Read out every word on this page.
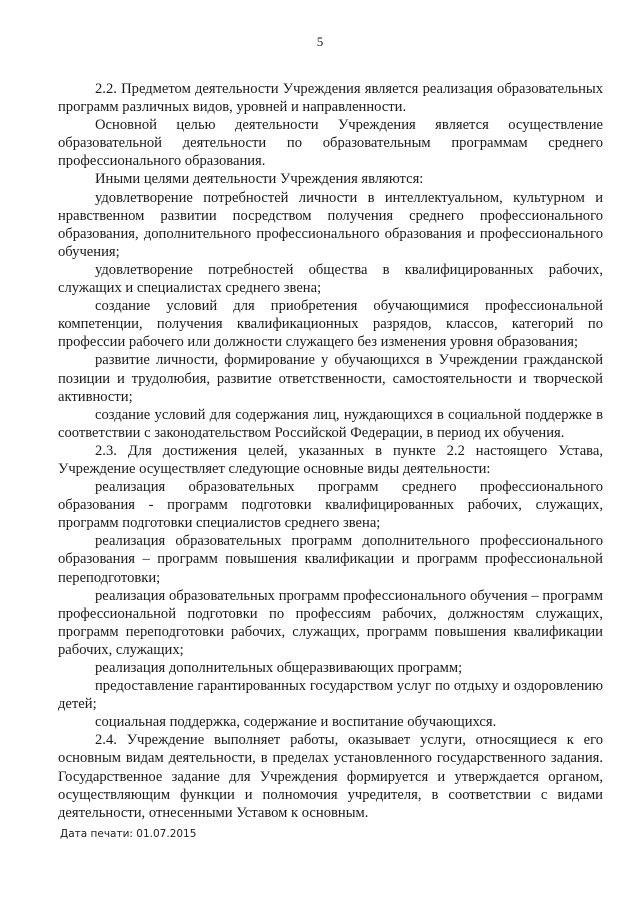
5

2.2. Предметом деятельности Учреждения является реализация образовательных программ различных видов, уровней и направленности.

Основной целью деятельности Учреждения является осуществление образовательной деятельности по образовательным программам среднего профессионального образования.

Иными целями деятельности Учреждения являются:

удовлетворение потребностей личности в интеллектуальном, культурном и нравственном развитии посредством получения среднего профессионального образования, дополнительного профессионального образования и профессионального обучения;

удовлетворение потребностей общества в квалифицированных рабочих, служащих и специалистах среднего звена;

создание условий для приобретения обучающимися профессиональной компетенции, получения квалификационных разрядов, классов, категорий по профессии рабочего или должности служащего без изменения уровня образования;

развитие личности, формирование у обучающихся в Учреждении гражданской позиции и трудолюбия, развитие ответственности, самостоятельности и творческой активности;

создание условий для содержания лиц, нуждающихся в социальной поддержке в соответствии с законодательством Российской Федерации, в период их обучения.

2.3. Для достижения целей, указанных в пункте 2.2 настоящего Устава, Учреждение осуществляет следующие основные виды деятельности:

реализация образовательных программ среднего профессионального образования - программ подготовки квалифицированных рабочих, служащих, программ подготовки специалистов среднего звена;

реализация образовательных программ дополнительного профессионального образования – программ повышения квалификации и программ профессиональной переподготовки;

реализация образовательных программ профессионального обучения – программ профессиональной подготовки по профессиям рабочих, должностям служащих, программ переподготовки рабочих, служащих, программ повышения квалификации рабочих, служащих;

реализация дополнительных общеразвивающих программ;

предоставление гарантированных государством услуг по отдыху и оздоровлению детей;

социальная поддержка, содержание и воспитание обучающихся.

2.4. Учреждение выполняет работы, оказывает услуги, относящиеся к его основным видам деятельности, в пределах установленного государственного задания. Государственное задание для Учреждения формируется и утверждается органом, осуществляющим функции и полномочия учредителя, в соответствии с видами деятельности, отнесенными Уставом к основным.

Дата печати: 01.07.2015
